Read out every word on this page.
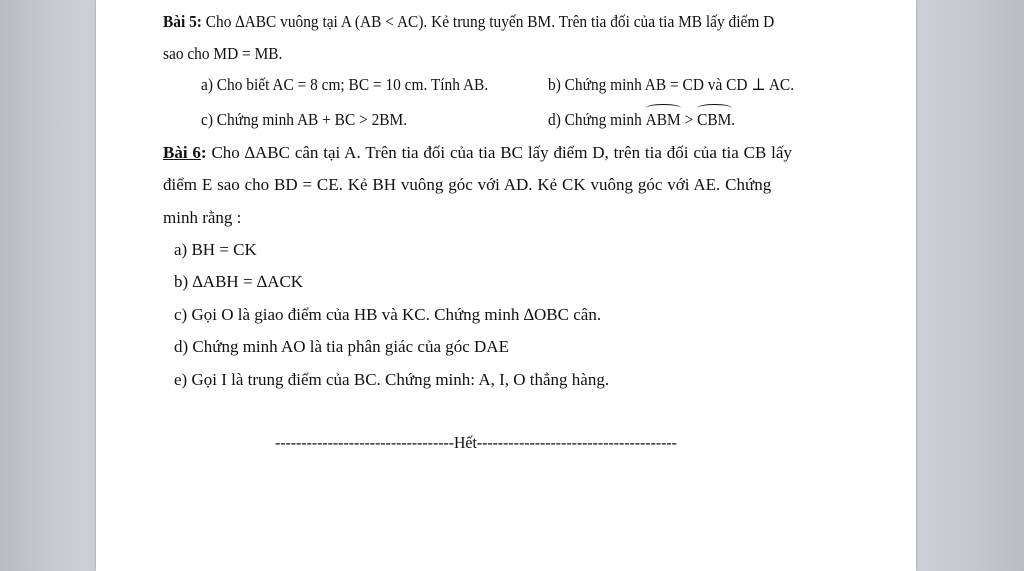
Bài 5: Cho ∆ABC vuông tại A (AB < AC). Kẻ trung tuyến BM. Trên tia đối của tia MB lấy điểm D
sao cho MD = MB.
a) Cho biết AC = 8 cm; BC = 10 cm. Tính AB.	b) Chứng minh AB = CD và CD ⊥ AC.
c) Chứng minh AB + BC > 2BM.	d) Chứng minh ABM > CBM.
Bài 6: Cho ∆ABC cân tại A. Trên tia đối của tia BC lấy điểm D, trên tia đối của tia CB lấy
điểm E sao cho BD = CE. Kẻ BH vuông góc với AD. Kẻ CK vuông góc với AE. Chứng
minh rằng :
a) BH = CK
b) ∆ABH = ∆ACK
c) Gọi O là giao điểm của HB và KC. Chứng minh ∆OBC cân.
d) Chứng minh AO là tia phân giác của góc DAE
e) Gọi I là trung điểm của BC. Chứng minh: A, I, O thẳng hàng.
----------------------------------Hết--------------------------------------
